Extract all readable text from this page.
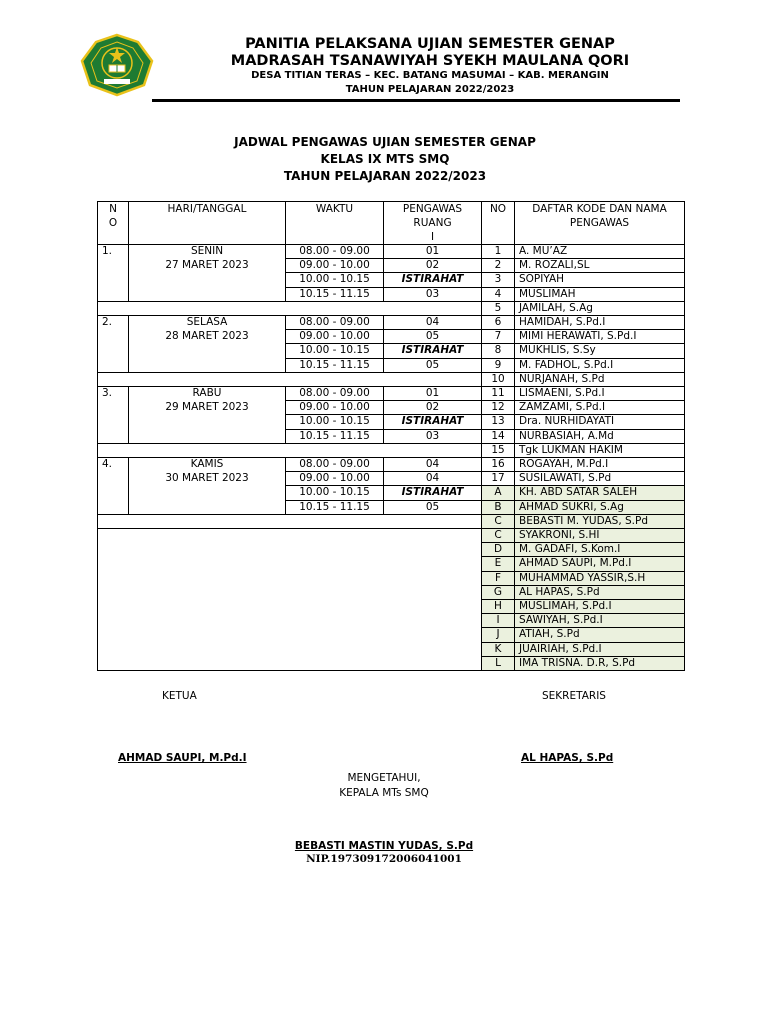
PANITIA PELAKSANA UJIAN SEMESTER GENAP
MADRASAH TSANAWIYAH SYEKH MAULANA QORI
DESA TITIAN TERAS – KEC. BATANG MASUMAI – KAB. MERANGIN
TAHUN PELAJARAN 2022/2023
JADWAL PENGAWAS UJIAN SEMESTER GENAP
KELAS IX MTS SMQ
TAHUN PELAJARAN 2022/2023
N
O	HARI/TANGGAL	WAKTU	PENGAWAS
RUANG
I	NO	DAFTAR KODE DAN NAMA
PENGAWAS
1.	SENIN	08.00 - 09.00	01	1	A. MU’AZ
	27 MARET 2023	09.00 - 10.00	02	2	M. ROZALI,SL
		10.00 - 10.15	ISTIRAHAT	3	SOPIYAH
		10.15 - 11.15	03	4	MUSLIMAH
				5	JAMILAH, S.Ag
2.	SELASA	08.00 - 09.00	04	6	HAMIDAH, S.Pd.I
	28 MARET 2023	09.00 - 10.00	05	7	MIMI HERAWATI, S.Pd.I
		10.00 - 10.15	ISTIRAHAT	8	MUKHLIS, S.Sy
		10.15 - 11.15	05	9	M. FADHOL, S.Pd.I
				10	NURJANAH, S.Pd
3.	RABU	08.00 - 09.00	01	11	LISMAENI, S.Pd.I
	29 MARET 2023	09.00 - 10.00	02	12	ZAMZAMI, S.Pd.I
		10.00 - 10.15	ISTIRAHAT	13	Dra. NURHIDAYATI
		10.15 - 11.15	03	14	NURBASIAH, A.Md
				15	Tgk LUKMAN HAKIM
4.	KAMIS	08.00 - 09.00	04	16	ROGAYAH, M.Pd.I
	30 MARET 2023	09.00 - 10.00	04	17	SUSILAWATI, S.Pd
		10.00 - 10.15	ISTIRAHAT	A	KH. ABD SATAR SALEH
		10.15 - 11.15	05	B	AHMAD SUKRI, S.Ag
				C	BEBASTI M. YUDAS, S.Pd
				C	SYAKRONI, S.HI
				D	M. GADAFI, S.Kom.I
				E	AHMAD SAUPI, M.Pd.I
				F	MUHAMMAD YASSIR,S.H
				G	AL HAPAS, S.Pd
				H	MUSLIMAH, S.Pd.I
				I	SAWIYAH, S.Pd.I
				J	ATIAH, S.Pd
				K	JUAIRIAH, S.Pd.I
				L	IMA TRISNA. D.R, S.Pd
KETUA	SEKRETARIS
AHMAD SAUPI, M.Pd.I	AL HAPAS, S.Pd
MENGETAHUI,
KEPALA MTs SMQ
BEBASTI MASTIN YUDAS, S.Pd
NIP.197309172006041001
